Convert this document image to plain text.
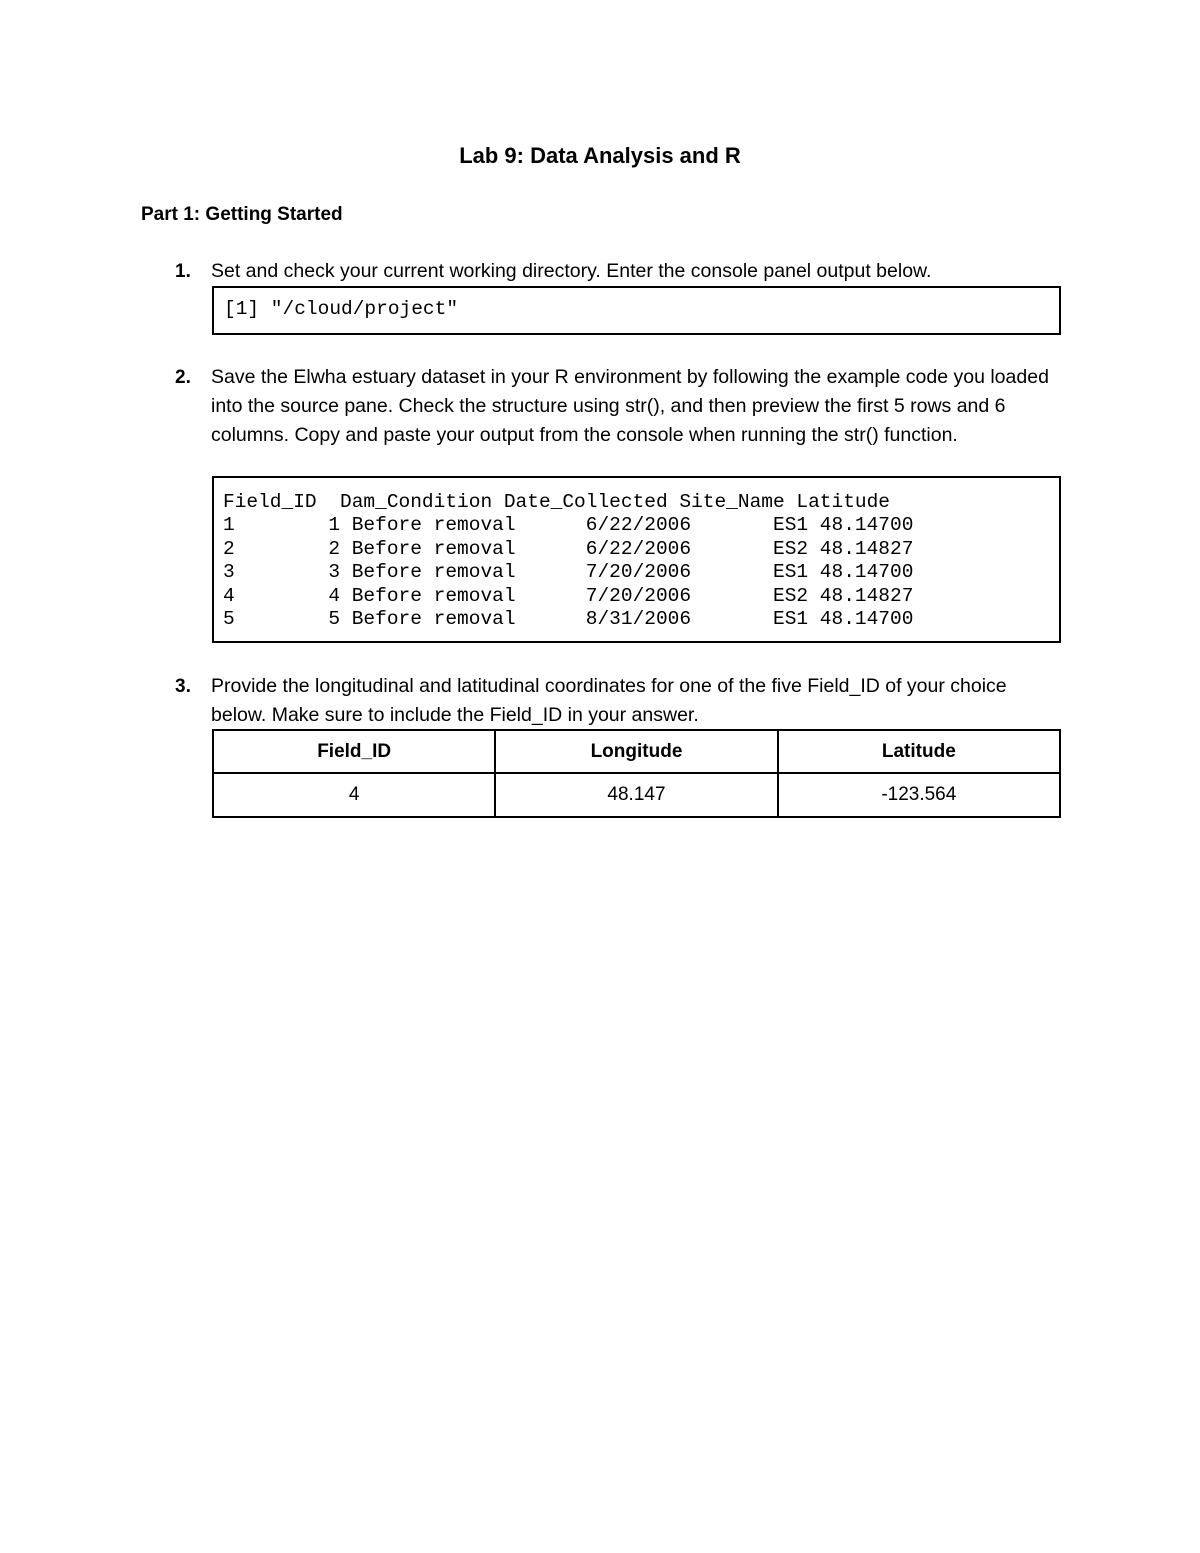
Lab 9: Data Analysis and R
Part 1: Getting Started
1. Set and check your current working directory. Enter the console panel output below.
[1] "/cloud/project"
2. Save the Elwha estuary dataset in your R environment by following the example code you loaded into the source pane. Check the structure using str(), and then preview the first 5 rows and 6 columns. Copy and paste your output from the console when running the str() function.
Field_ID  Dam_Condition Date_Collected Site_Name Latitude
1        1 Before removal      6/22/2006       ES1 48.14700
2        2 Before removal      6/22/2006       ES2 48.14827
3        3 Before removal      7/20/2006       ES1 48.14700
4        4 Before removal      7/20/2006       ES2 48.14827
5        5 Before removal      8/31/2006       ES1 48.14700
3. Provide the longitudinal and latitudinal coordinates for one of the five Field_ID of your choice below. Make sure to include the Field_ID in your answer.
Field_ID	Longitude	Latitude
4	48.147	-123.564
